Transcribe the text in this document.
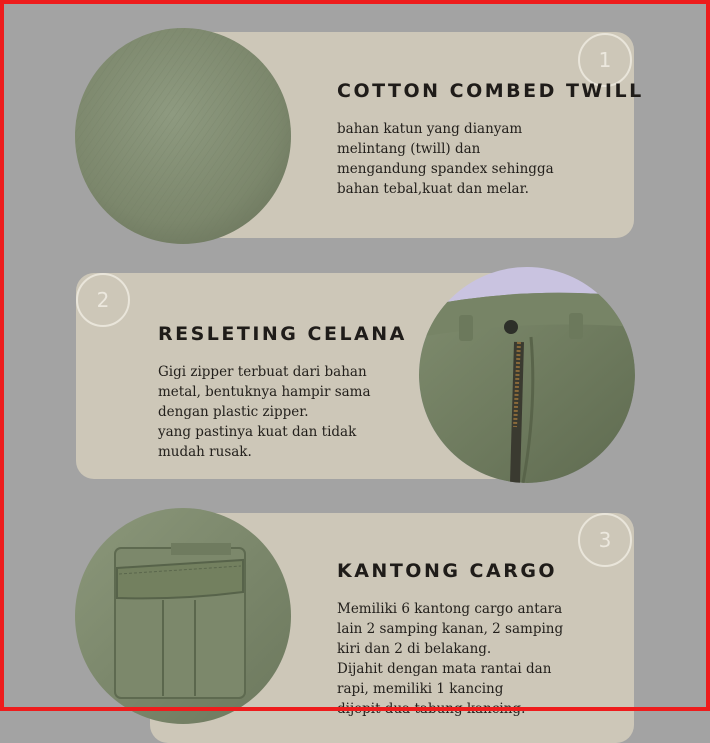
1
COTTON COMBED TWILL
bahan katun yang dianyam
melintang (twill) dan
mengandung spandex sehingga
bahan tebal,kuat dan melar.
2
RESLETING CELANA
Gigi zipper terbuat dari bahan
metal, bentuknya hampir sama
dengan plastic zipper.
yang pastinya kuat dan tidak
mudah rusak.
3
KANTONG CARGO
Memiliki 6 kantong cargo antara
lain 2 samping kanan, 2 samping
kiri dan 2 di belakang.
Dijahit dengan mata rantai dan
rapi, memiliki 1 kancing
dijepit dua tabung kancing.
